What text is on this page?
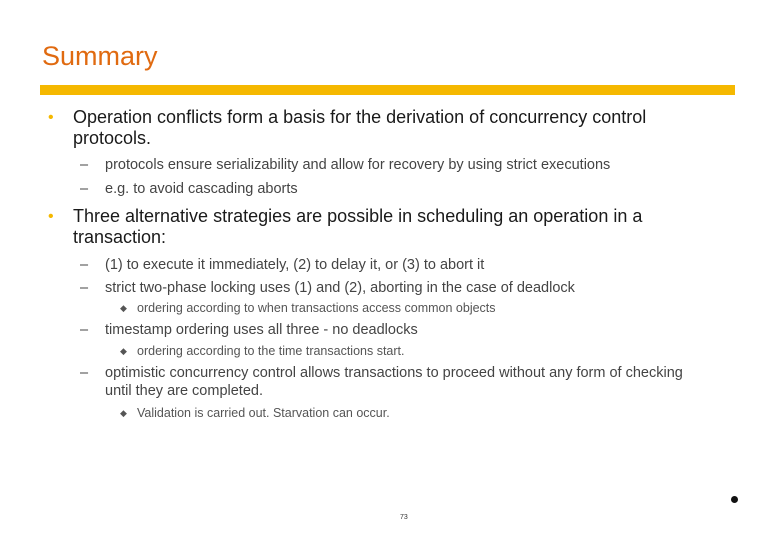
Summary
• Operation conflicts form a basis for the derivation of concurrency control protocols.
– protocols ensure serializability and allow for recovery by using strict executions
– e.g. to avoid cascading aborts
• Three alternative strategies are possible in scheduling an operation in a transaction:
– (1) to execute it immediately, (2) to delay it, or (3) to abort it
– strict two-phase locking uses (1) and (2), aborting in the case of deadlock
◆ ordering according to when transactions access common objects
– timestamp ordering uses all three - no deadlocks
◆ ordering according to the time transactions start.
– optimistic concurrency control allows transactions to proceed without any form of checking until they are completed.
◆ Validation is carried out. Starvation can occur.
73
